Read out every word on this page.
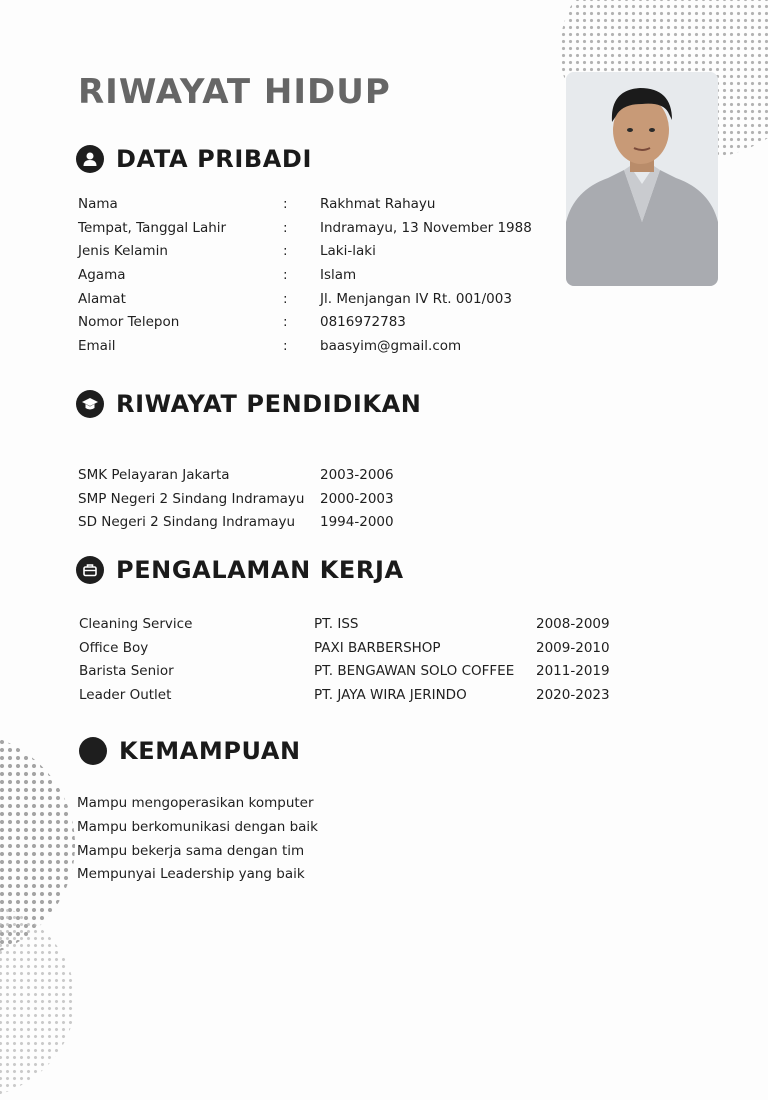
RIWAYAT HIDUP
DATA PRIBADI
Nama	:	Rakhmat Rahayu
Tempat, Tanggal Lahir	:	Indramayu, 13 November 1988
Jenis Kelamin	:	Laki-laki
Agama	:	Islam
Alamat	:	Jl. Menjangan IV Rt. 001/003
Nomor Telepon	:	0816972783
Email	:	baasyim@gmail.com
RIWAYAT PENDIDIKAN
SMK Pelayaran Jakarta	2003-2006
SMP Negeri 2 Sindang Indramayu	2000-2003
SD Negeri 2 Sindang Indramayu	1994-2000
PENGALAMAN KERJA
Cleaning Service	PT. ISS	2008-2009
Office Boy	PAXI BARBERSHOP	2009-2010
Barista Senior	PT. BENGAWAN SOLO COFFEE	2011-2019
Leader Outlet	PT. JAYA WIRA JERINDO	2020-2023
KEMAMPUAN
Mampu mengoperasikan komputer
Mampu berkomunikasi dengan baik
Mampu bekerja sama dengan tim
Mempunyai Leadership yang baik
